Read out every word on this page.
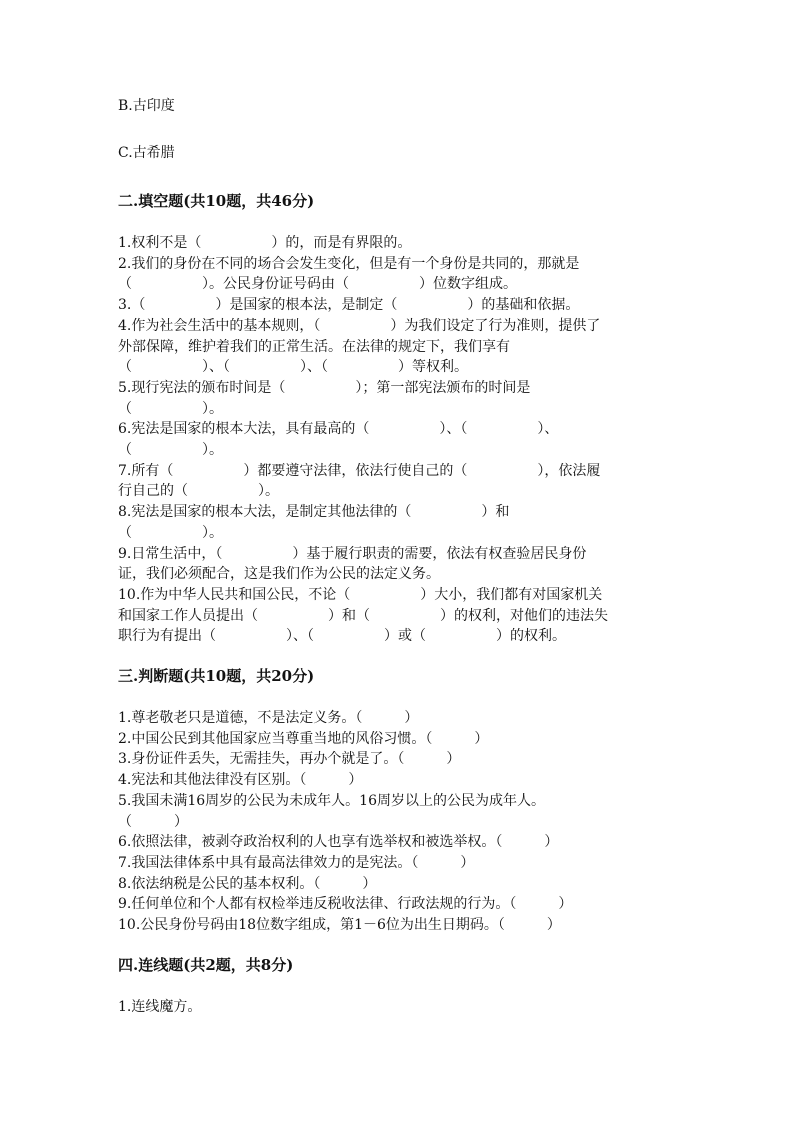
B.古印度

C.古希腊

二.填空题(共10题，共46分)

1.权利不是（　　　　　）的，而是有界限的。

2.我们的身份在不同的场合会发生变化，但是有一个身份是共同的，那就是

（　　　　　）。公民身份证号码由（　　　　　）位数字组成。

3.（　　　　　）是国家的根本法，是制定（　　　　　）的基础和依据。

4.作为社会生活中的基本规则，（　　　　　）为我们设定了行为准则，提供了

外部保障，维护着我们的正常生活。在法律的规定下，我们享有

（　　　　　）、（　　　　　）、（　　　　　）等权利。

5.现行宪法的颁布时间是（　　　　　）；第一部宪法颁布的时间是

（　　　　　）。

6.宪法是国家的根本大法，具有最高的（　　　　　）、（　　　　　）、

（　　　　　）。

7.所有（　　　　　）都要遵守法律，依法行使自己的（　　　　　），依法履

行自己的（　　　　　）。

8.宪法是国家的根本大法，是制定其他法律的（　　　　　）和

（　　　　　）。

9.日常生活中，（　　　　　）基于履行职责的需要，依法有权查验居民身份

证，我们必须配合，这是我们作为公民的法定义务。

10.作为中华人民共和国公民，不论（　　　　　）大小，我们都有对国家机关

和国家工作人员提出（　　　　　）和（　　　　　）的权利，对他们的违法失

职行为有提出（　　　　　）、（　　　　　）或（　　　　　）的权利。

三.判断题(共10题，共20分)

1.尊老敬老只是道德，不是法定义务。（　　　）

2.中国公民到其他国家应当尊重当地的风俗习惯。（　　　）

3.身份证件丢失，无需挂失，再办个就是了。（　　　）

4.宪法和其他法律没有区别。（　　　）

5.我国未满16周岁的公民为未成年人。16周岁以上的公民为成年人。

（　　　）

6.依照法律，被剥夺政治权利的人也享有选举权和被选举权。（　　　）

7.我国法律体系中具有最高法律效力的是宪法。（　　　）

8.依法纳税是公民的基本权利。（　　　）

9.任何单位和个人都有权检举违反税收法律、行政法规的行为。（　　　）

10.公民身份号码由18位数字组成，第1－6位为出生日期码。（　　　）

四.连线题(共2题，共8分)

1.连线魔方。
